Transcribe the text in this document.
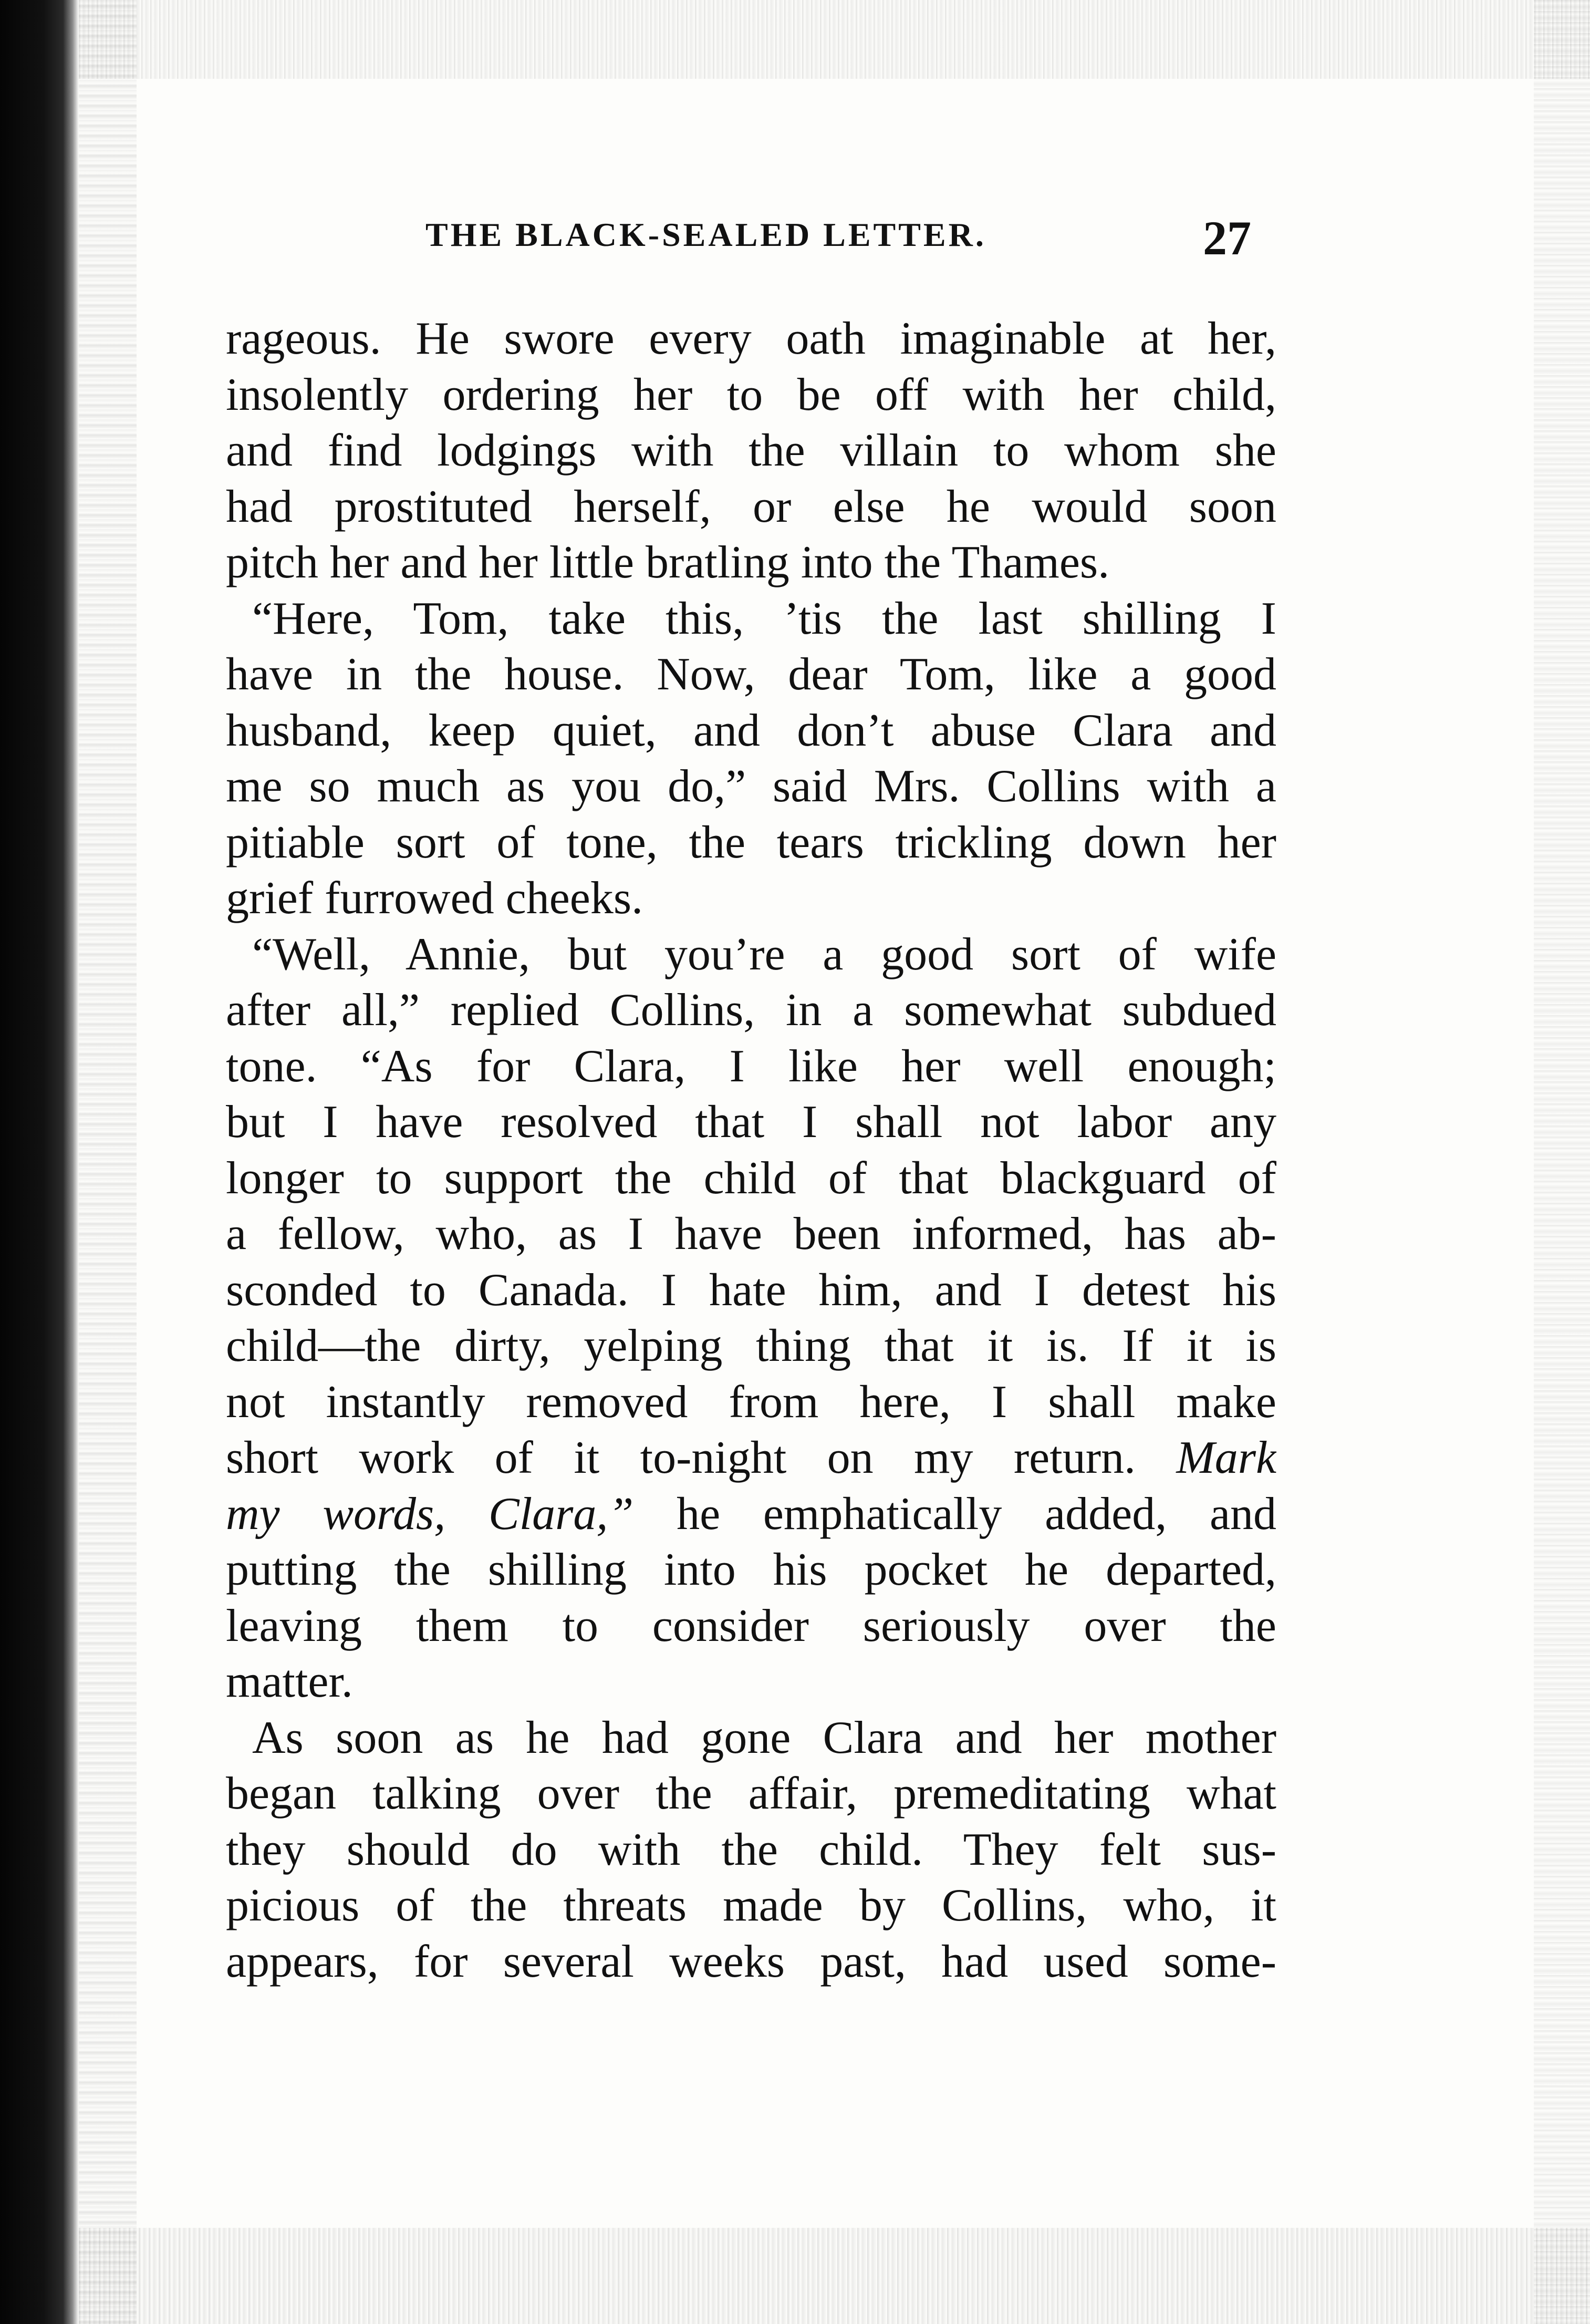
THE BLACK-SEALED LETTER.	27
rageous. He swore every oath imaginable at her,
insolently ordering her to be off with her child,
and find lodgings with the villain to whom she
had prostituted herself, or else he would soon
pitch her and her little bratling into the Thames.
“Here, Tom, take this, ’tis the last shilling I
have in the house. Now, dear Tom, like a good
husband, keep quiet, and don’t abuse Clara and
me so much as you do,” said Mrs. Collins with a
pitiable sort of tone, the tears trickling down her
grief furrowed cheeks.
“Well, Annie, but you’re a good sort of wife
after all,” replied Collins, in a somewhat subdued
tone. “As for Clara, I like her well enough;
but I have resolved that I shall not labor any
longer to support the child of that blackguard of
a fellow, who, as I have been informed, has ab-
sconded to Canada. I hate him, and I detest his
child—the dirty, yelping thing that it is. If it is
not instantly removed from here, I shall make
short work of it to-night on my return. Mark
my words, Clara,” he emphatically added, and
putting the shilling into his pocket he departed,
leaving them to consider seriously over the
matter.
As soon as he had gone Clara and her mother
began talking over the affair, premeditating what
they should do with the child. They felt sus-
picious of the threats made by Collins, who, it
appears, for several weeks past, had used some-
